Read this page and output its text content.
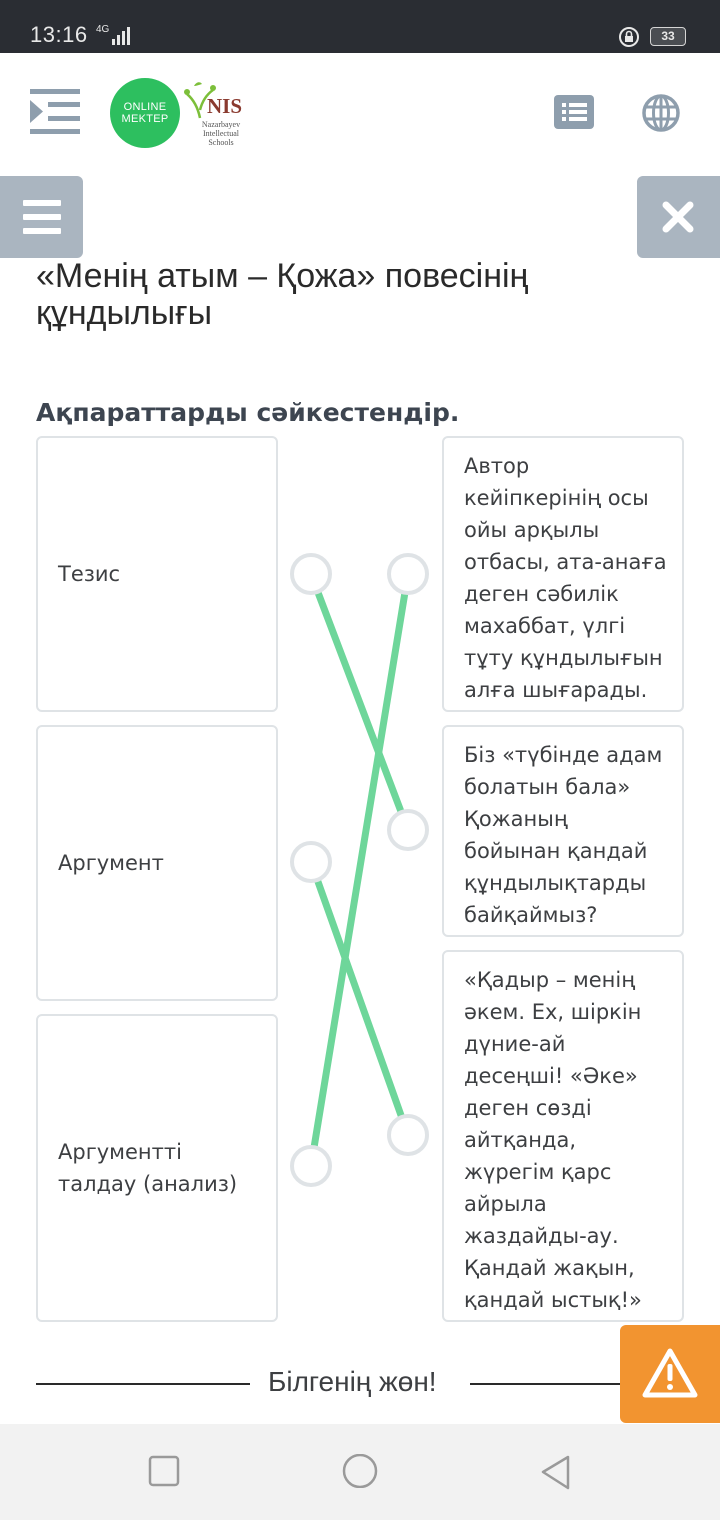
13:16 4G	33
ONLINE
MEKTEP
NIS
Nazarbayev
Intellectual
Schools
«Менің атым – Қожа» повесінің құндылығы
Ақпараттарды сәйкестендір.
Тезис
Аргумент
Аргументті талдау (анализ)
Автор кейіпкерінің осы ойы арқылы отбасы, ата-анаға деген сәбилік махаббат, үлгі тұту құндылығын алға шығарады.
Біз «түбінде адам болатын бала» Қожаның бойынан қандай құндылықтарды байқаймыз?
«Қадыр – менің әкем. Ех, шіркін дүние-ай десеңші! «Әке» деген сөзді айтқанда, жүрегім қарс айрыла жаздайды-ау. Қандай жақын, қандай ыстық!»
Білгенің жөн!
